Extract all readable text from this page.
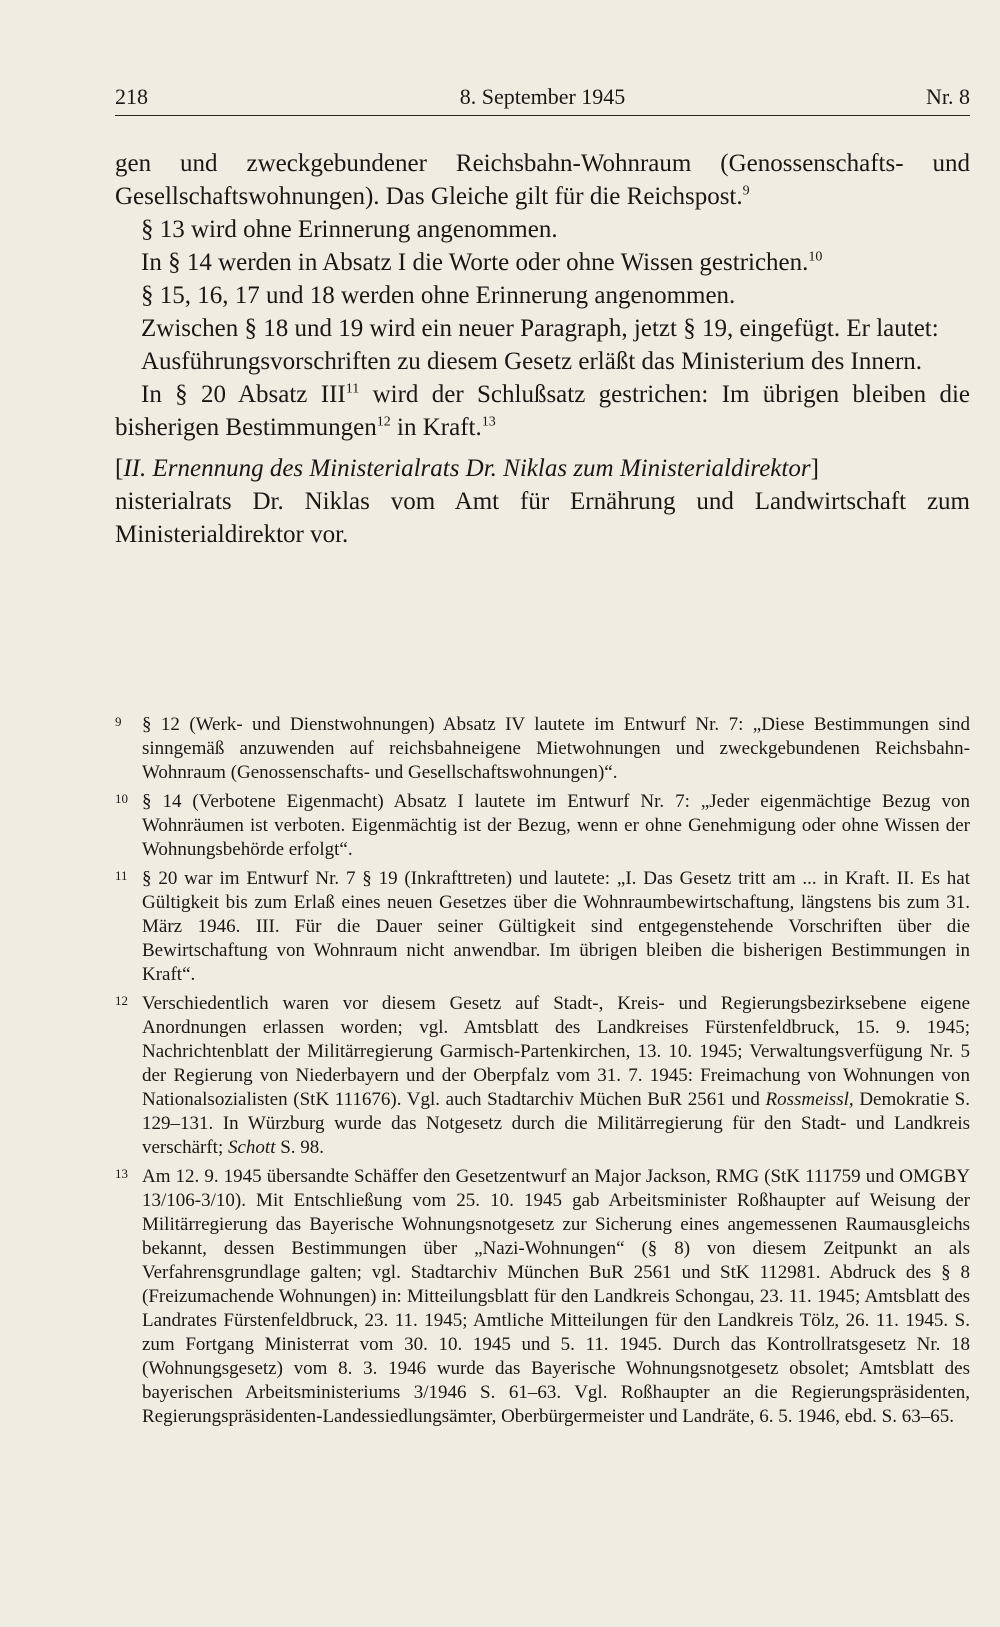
218	8. September 1945	Nr. 8

gen und zweckgebundener Reichsbahn-Wohnraum (Genossenschafts- und Gesellschaftswohnungen). Das Gleiche gilt für die Reichspost.$^9$

§ 13 wird ohne Erinnerung angenommen.

In § 14 werden in Absatz I die Worte oder ohne Wissen gestrichen.$^{10}$

§ 15, 16, 17 und 18 werden ohne Erinnerung angenommen.

Zwischen § 18 und 19 wird ein neuer Paragraph, jetzt § 19, eingefügt. Er lautet:

Ausführungsvorschriften zu diesem Gesetz erläßt das Ministerium des Innern.

In § 20 Absatz III$^{11}$ wird der Schlußsatz gestrichen: Im übrigen bleiben die bisherigen Bestimmungen$^{12}$ in Kraft.$^{13}$

[II. Ernennung des Ministerialrats Dr. Niklas zum Ministerialdirektor]

nisterialrats Dr. Niklas vom Amt für Ernährung und Landwirtschaft zum Ministerialdirektor vor.

9 § 12 (Werk- und Dienstwohnungen) Absatz IV lautete im Entwurf Nr. 7: „Diese Bestimmungen sind sinngemäß anzuwenden auf reichsbahneigene Mietwohnungen und zweckgebundenen Reichsbahn-Wohnraum (Genossenschafts- und Gesellschaftswohnungen)“.
10 § 14 (Verbotene Eigenmacht) Absatz I lautete im Entwurf Nr. 7: „Jeder eigenmächtige Bezug von Wohnräumen ist verboten. Eigenmächtig ist der Bezug, wenn er ohne Genehmigung oder ohne Wissen der Wohnungsbehörde erfolgt“.
11 § 20 war im Entwurf Nr. 7 § 19 (Inkrafttreten) und lautete: „I. Das Gesetz tritt am ... in Kraft. II. Es hat Gültigkeit bis zum Erlaß eines neuen Gesetzes über die Wohnraumbewirtschaftung, längstens bis zum 31. März 1946. III. Für die Dauer seiner Gültigkeit sind entgegenstehende Vorschriften über die Bewirtschaftung von Wohnraum nicht anwendbar. Im übrigen bleiben die bisherigen Bestimmungen in Kraft“.
12 Verschiedentlich waren vor diesem Gesetz auf Stadt-, Kreis- und Regierungsbezirksebene eigene Anordnungen erlassen worden; vgl. Amtsblatt des Landkreises Fürstenfeldbruck, 15. 9. 1945; Nachrichtenblatt der Militärregierung Garmisch-Partenkirchen, 13. 10. 1945; Verwaltungsverfügung Nr. 5 der Regierung von Niederbayern und der Oberpfalz vom 31. 7. 1945: Freimachung von Wohnungen von Nationalsozialisten (StK 111676). Vgl. auch Stadtarchiv Müchen BuR 2561 und Rossmeissl, Demokratie S. 129–131. In Würzburg wurde das Notgesetz durch die Militärregierung für den Stadt- und Landkreis verschärft; Schott S. 98.
13 Am 12. 9. 1945 übersandte Schäffer den Gesetzentwurf an Major Jackson, RMG (StK 111759 und OMGBY 13/106-3/10). Mit Entschließung vom 25. 10. 1945 gab Arbeitsminister Roßhaupter auf Weisung der Militärregierung das Bayerische Wohnungsnotgesetz zur Sicherung eines angemessenen Raumausgleichs bekannt, dessen Bestimmungen über „Nazi-Wohnungen“ (§ 8) von diesem Zeitpunkt an als Verfahrensgrundlage galten; vgl. Stadtarchiv München BuR 2561 und StK 112981. Abdruck des § 8 (Freizumachende Wohnungen) in: Mitteilungsblatt für den Landkreis Schongau, 23. 11. 1945; Amtsblatt des Landrates Fürstenfeldbruck, 23. 11. 1945; Amtliche Mitteilungen für den Landkreis Tölz, 26. 11. 1945. S. zum Fortgang Ministerrat vom 30. 10. 1945 und 5. 11. 1945. Durch das Kontrollratsgesetz Nr. 18 (Wohnungsgesetz) vom 8. 3. 1946 wurde das Bayerische Wohnungsnotgesetz obsolet; Amtsblatt des bayerischen Arbeitsministeriums 3/1946 S. 61–63. Vgl. Roßhaupter an die Regierungspräsidenten, Regierungspräsidenten-Landessiedlungsämter, Oberbürgermeister und Landräte, 6. 5. 1946, ebd. S. 63–65.
